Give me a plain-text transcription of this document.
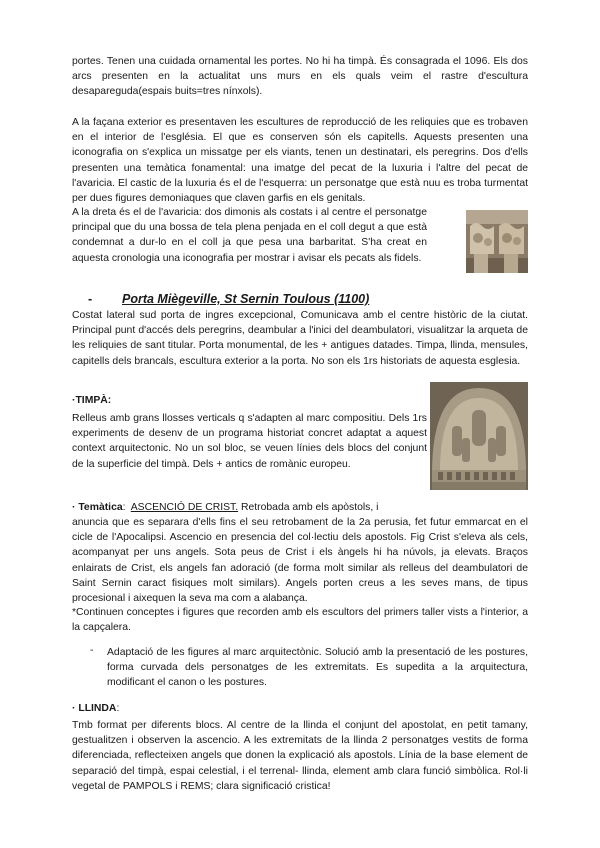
portes. Tenen una cuidada ornamental les portes. No hi ha timpà. És consagrada el 1096. Els dos arcs presenten en la actualitat uns murs en els quals veim el rastre d'escultura desapareguda(espais buits=tres nínxols).

A la façana exterior es presentaven les escultures de reproducció de les reliquies que es trobaven en el interior de l'església. El que es conserven són els capitells. Aquests presenten una iconografia on s'explica un missatge per els viants, tenen un destinatari, els peregrins. Dos d'ells presenten una temàtica fonamental: una imatge del pecat de la luxuria i l'altre del pecat de l'avaricia. El castic de la luxuria és el de l'esquerra: un personatge que està nuu es troba turmentat per dues figures demoniaques que claven garfis en els genitals.

A la dreta és el de l'avaricia: dos dimonis als costats i al centre el personatge principal que du una bossa de tela plena penjada en el coll degut a que està condemnat a dur-lo en el coll ja que pesa una barbaritat. S'ha creat en aquesta cronologia una iconografia per mostrar i avisar els pecats als fidels.

- Porta Miègeville, St Sernin Toulous (1100)

Costat lateral sud porta de ingres excepcional, Comunicava amb el centre històric de la ciutat. Principal punt d'accés dels peregrins, deambular a l'inici del deambulatori, visualitzar la arqueta de les reliquies de sant titular. Porta monumental, de les + antigues datades. Timpa, llinda, mensules, capitells dels brancals, escultura exterior a la porta. No son els 1rs historiats de aquesta esglesia.

·TIMPÀ:

Relleus amb grans llosses verticals q s'adapten al marc compositiu. Dels 1rs experiments de desenv de un programa historiat concret adaptat a aquest context arquitectonic. No un sol bloc, se veuen línies dels blocs del conjunt de la superficie del timpà. Dels + antics de romànic europeu.

· Temàtica: ASCENCIÓ DE CRIST. Retrobada amb els apòstols, i

anuncia que es separara d'ells fins el seu retrobament de la 2a perusia, fet futur emmarcat en el cicle de l'Apocalipsi. Ascencio en presencia del col·lectiu dels apostols. Fig Crist s'eleva als cels, acompanyat per uns angels. Sota peus de Crist i els àngels hi ha núvols, ja elevats. Braços enlairats de Crist, els angels fan adoració (de forma molt similar als relleus del deambulatori de Saint Sernin caract fisiques molt similars). Angels porten creus a les seves mans, de tipus procesional i aixequen la seva ma com a alabança.

*Continuen conceptes i figures que recorden amb els escultors del primers taller vists a l'interior, a la capçalera.

- Adaptació de les figures al marc arquitectònic. Solució amb la presentació de les postures, forma curvada dels personatges de les extremitats. Es supedita a la arquitectura, modificant el canon o les postures.

· LLINDA:

Tmb format per diferents blocs. Al centre de la llinda el conjunt del apostolat, en petit tamany, gestualitzen i observen la ascencio. A les extremitats de la llinda 2 personatges vestits de forma diferenciada, reflecteixen angels que donen la explicació als apostols. Línia de la base element de separació del timpà, espai celestial, i el terrenal- llinda, element amb clara funció simbòlica. Rol·li vegetal de PAMPOLS i REMS; clara significació cristica!
